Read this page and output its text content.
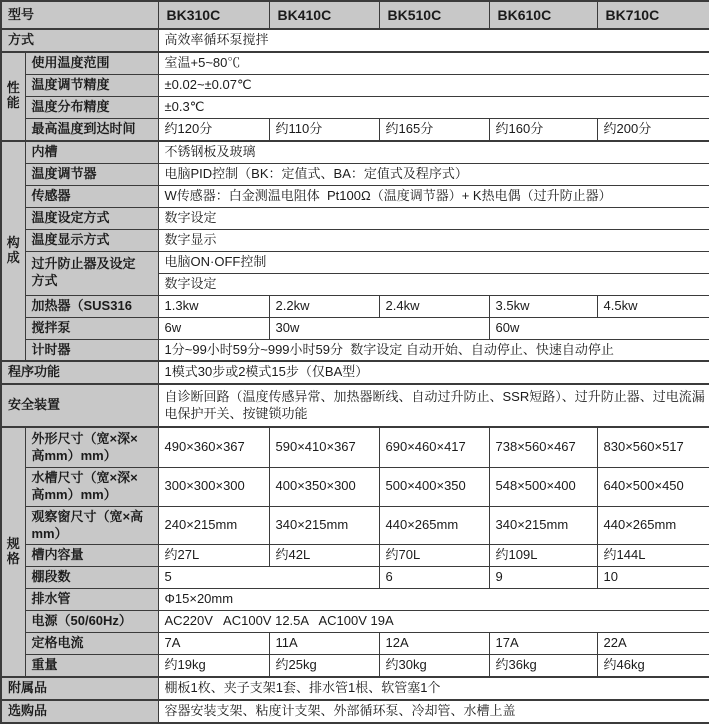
型号		BK310C	BK410C	BK510C	BK610C	BK710C
方式		高效率循环泵搅拌				
性能	使用温度范围	室温+5~80℃				
	温度调节精度	±0.02~±0.07℃				
	温度分布精度	±0.3℃				
	最高温度到达时间	约120分	约110分	约165分	约160分	约200分
构成	内槽	不锈钢板及玻璃				
	温度调节器	电脑PID控制（BK：定值式、BA：定值式及程序式）				
	传感器	W传感器：白金测温电阻体  Pt100Ω（温度调节器）+ K热电偶（过升防止器）				
	温度设定方式	数字设定				
	温度显示方式	数字显示				
	过升防止器及设定方式	电脑ON·OFF控制				
		数字设定				
	加热器（SUS316	1.3kw	2.2kw	2.4kw	3.5kw	4.5kw
	搅拌泵	6w	30w		60w	
	计时器	1分~99小时59分~999小时59分  数字设定 自动开始、自动停止、快速自动停止				
程序功能		1模式30步或2模式15步（仅BA型）				
安全装置		自诊断回路（温度传感异常、加热器断线、自动过升防止、SSR短路）、过升防止器、过电流漏电保护开关、按键锁功能				
规格	外形尺寸（宽×深×高mm）mm）	490×360×367	590×410×367	690×460×417	738×560×467	830×560×517
	水槽尺寸（宽×深×高mm）mm）	300×300×300	400×350×300	500×400×350	548×500×400	640×500×450
	观察窗尺寸（宽×高mm）	240×215mm	340×215mm	440×265mm	340×215mm	440×265mm
	槽内容量	约27L	约42L	约70L	约109L	约144L
	棚段数	5		6	9	10
	排水管	Φ15×20mm				
	电源（50/60Hz）	AC220V   AC100V 12.5A   AC100V 19A				
	定格电流	7A	11A	12A	17A	22A
	重量	约19kg	约25kg	约30kg	约36kg	约46kg
附属品		棚板1枚、夹子支架1套、排水管1根、软管塞1个				
选购品		容器安装支架、粘度计支架、外部循环泵、冷却管、水槽上盖				
